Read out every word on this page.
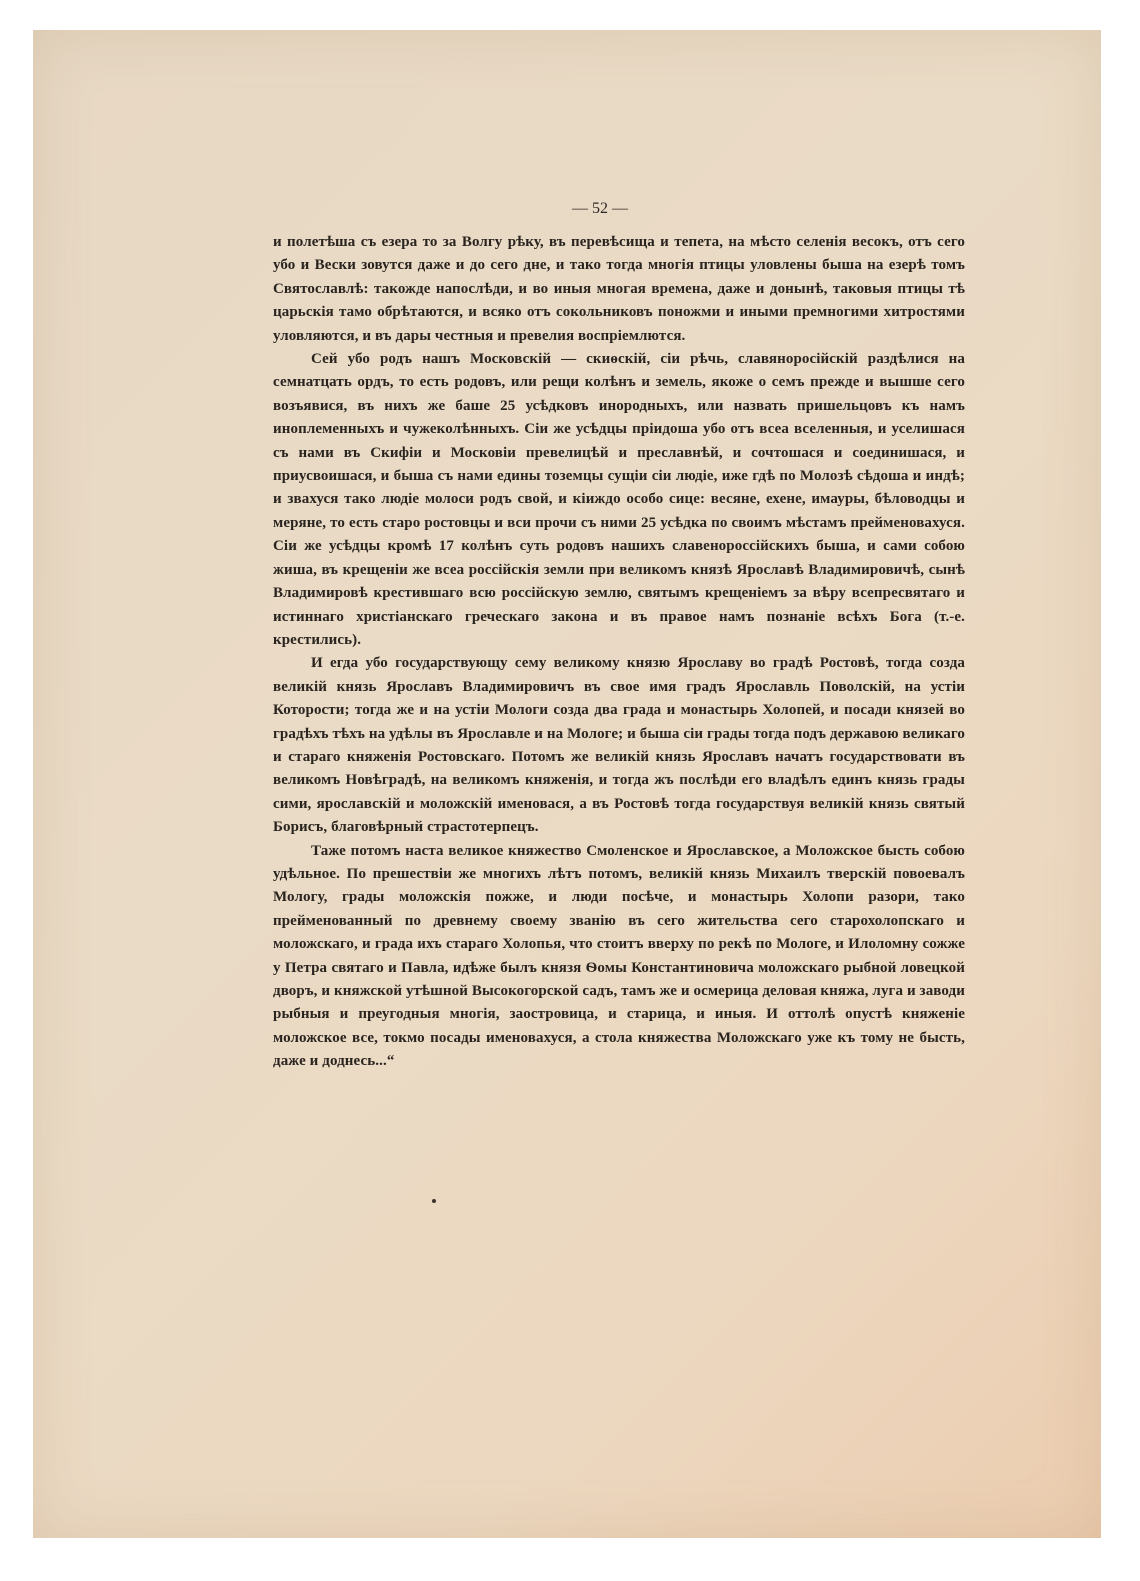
— 52 —

и полетѣша съ езера то за Волгу рѣку, въ перевѣсища и тепета, на мѣсто селенія весокъ, отъ сего убо и Вески зовутся даже и до сего дне, и тако тогда многія птицы уловлены быша на езерѣ томъ Святославлѣ: такожде напослѣди, и во иныя многая времена, даже и донынѣ, таковыя птицы тѣ царьскія тамо обрѣтаются, и всяко отъ сокольниковъ поножми и иными премногими хитростями уловляются, и въ дары честныя и превелия воспріемлются.

Сей убо родъ нашъ Московскій — скиѳскій, сіи рѣчь, славяноросійскій раздѣлися на семнатцать ордъ, то есть родовъ, или рещи колѣнъ и земель, якоже о семъ прежде и вышше сего возъявися, въ нихъ же баше 25 усѣдковъ инородныхъ, или назвать пришельцовъ къ намъ иноплеменныхъ и чужеколѣнныхъ. Сіи же усѣдцы пріидоша убо отъ всеа вселенныя, и уселишася съ нами въ Скифіи и Московіи превелицѣй и преславнѣй, и сочтошася и соединишася, и приусвоишася, и быша съ нами едины тоземцы сущіи сіи людіе, иже гдѣ по Молозѣ сѣдоша и индѣ; и звахуся тако людіе молоси родъ свой, и кіиждо особо сице: весяне, ехене, имауры, бѣловодцы и меряне, то есть старо ростовцы и вси прочи съ ними 25 усѣдка по своимъ мѣстамъ прейменовахуся. Сіи же усѣдцы кромѣ 17 колѣнъ суть родовъ нашихъ славенороссійскихъ быша, и сами собою жиша, въ крещеніи же всеа россійскія земли при великомъ князѣ Ярославѣ Владимировичѣ, сынѣ Владимировѣ крестившаго всю россійскую землю, святымъ крещеніемъ за вѣру всепресвятаго и истиннаго христіанскаго греческаго закона и въ правое намъ познаніе всѣхъ Бога (т.-е. крестились).

И егда убо государствующу сему великому князю Ярославу во градѣ Ростовѣ, тогда созда великій князь Ярославъ Владимировичъ въ свое имя градъ Ярославль Поволскій, на устіи Которости; тогда же и на устіи Мологи созда два града и монастырь Холопей, и посади князей во градѣхъ тѣхъ на удѣлы въ Ярославле и на Мологе; и быша сіи грады тогда подъ державою великаго и стараго княженія Ростовскаго. Потомъ же великій князь Ярославъ начатъ государствовати въ великомъ Новѣградѣ, на великомъ княженія, и тогда жъ послѣди его владѣлъ единъ князь грады сими, ярославскій и моложскій именовася, а въ Ростовѣ тогда государствуя великій князь святый Борисъ, благовѣрный страстотерпецъ.

Таже потомъ наста великое княжество Смоленское и Ярославское, а Моложское бысть собою удѣльное. По прешествіи же многихъ лѣтъ потомъ, великій князь Михаилъ тверскій повоевалъ Мологу, грады моложскія пожже, и люди посѣче, и монастырь Холопи разори, тако прейменованный по древнему своему званію въ сего жительства сего старохолопскаго и моложскаго, и града ихъ стараго Холопья, что стоитъ вверху по рекѣ по Мологе, и Илоломну сожже у Петра святаго и Павла, идѣже былъ князя Ѳомы Константиновича моложскаго рыбной ловецкой дворъ, и княжской утѣшной Высокогорской садъ, тамъ же и осмерица деловая княжа, луга и заводи рыбныя и преугодныя многія, заостровица, и старица, и иныя. И оттолѣ опустѣ княженіе моложское все, токмо посады именовахуся, а стола княжества Моложскаго уже къ тому не бысть, даже и доднесь...“
